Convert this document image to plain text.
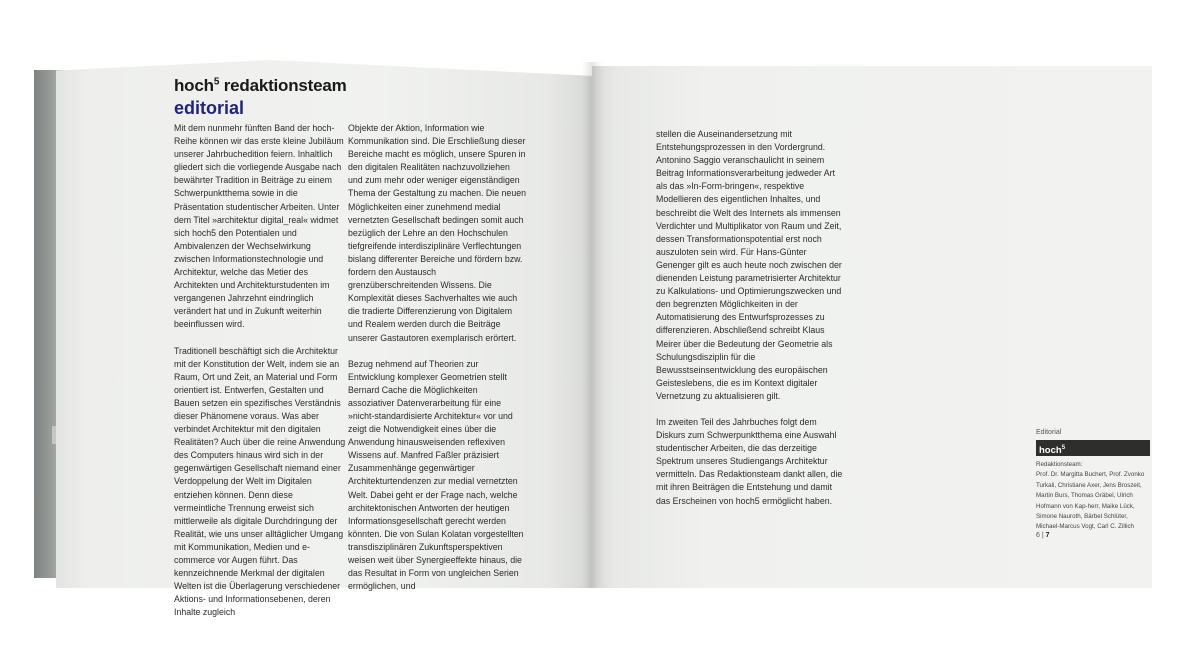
hoch$^5$ redaktionsteam
editorial

Mit dem nunmehr fünften Band der hoch-Reihe können wir das erste kleine Jubiläum unserer Jahrbuchedition feiern. Inhaltlich gliedert sich die vorliegende Ausgabe nach bewährter Tradition in Beiträge zu einem Schwerpunktthema sowie in die Präsentation studentischer Arbeiten. Unter dem Titel »architektur digital_real« widmet sich hoch5 den Potentialen und Ambivalenzen der Wechselwirkung zwischen Informationstechnologie und Architektur, welche das Metier des Architekten und Architekturstudenten im vergangenen Jahrzehnt eindringlich verändert hat und in Zukunft weiterhin beeinflussen wird.

Traditionell beschäftigt sich die Architektur mit der Konstitution der Welt, indem sie an Raum, Ort und Zeit, an Material und Form orientiert ist. Entwerfen, Gestalten und Bauen setzen ein spezifisches Verständnis dieser Phänomene voraus. Was aber verbindet Architektur mit den digitalen Realitäten? Auch über die reine Anwendung des Computers hinaus wird sich in der gegenwärtigen Gesellschaft niemand einer Verdoppelung der Welt im Digitalen entziehen können. Denn diese vermeintliche Trennung erweist sich mittlerweile als digitale Durchdringung der Realität, wie uns unser alltäglicher Umgang mit Kommunikation, Medien und e-commerce vor Augen führt. Das kennzeichnende Merkmal der digitalen Welten ist die Überlagerung verschiedener Aktions- und Informationsebenen, deren Inhalte zugleich

Objekte der Aktion, Information wie Kommunikation sind. Die Erschließung dieser Bereiche macht es möglich, unsere Spuren in den digitalen Realitäten nachzuvollziehen und zum mehr oder weniger eigenständigen Thema der Gestaltung zu machen. Die neuen Möglichkeiten einer zunehmend medial vernetzten Gesellschaft bedingen somit auch bezüglich der Lehre an den Hochschulen tiefgreifende interdisziplinäre Verflechtungen bislang differenter Bereiche und fördern bzw. fordern den Austausch grenzüberschreitenden Wissens. Die Komplexität dieses Sachverhaltes wie auch die tradierte Differenzierung von Digitalem und Realem werden durch die Beiträge unserer Gastautoren exemplarisch erörtert.

Bezug nehmend auf Theorien zur Entwicklung komplexer Geometrien stellt Bernard Cache die Möglichkeiten assoziativer Datenverarbeitung für eine »nicht-standardisierte Architektur« vor und zeigt die Notwendigkeit eines über die Anwendung hinausweisenden reflexiven Wissens auf. Manfred Faßler präzisiert Zusammenhänge gegenwärtiger Architekturtendenzen zur medial vernetzten Welt. Dabei geht er der Frage nach, welche architektonischen Antworten der heutigen Informationsgesellschaft gerecht werden könnten. Die von Sulan Kolatan vorgestellten transdisziplinären Zukunftsperspektiven weisen weit über Synergieeffekte hinaus, die das Resultat in Form von ungleichen Serien ermöglichen, und

stellen die Auseinandersetzung mit Entstehungsprozessen in den Vordergrund. Antonino Saggio veranschaulicht in seinem Beitrag Informationsverarbeitung jedweder Art als das »In-Form-bringen«, respektive Modellieren des eigentlichen Inhaltes, und beschreibt die Welt des Internets als immensen Verdichter und Multiplikator von Raum und Zeit, dessen Transformationspotential erst noch auszuloten sein wird. Für Hans-Günter Genenger gilt es auch heute noch zwischen der dienenden Leistung parametrisierter Architektur zu Kalkulations- und Optimierungszwecken und den begrenzten Möglichkeiten in der Automatisierung des Entwurfsprozesses zu differenzieren. Abschließend schreibt Klaus Meirer über die Bedeutung der Geometrie als Schulungsdisziplin für die Bewusstseinsentwicklung des europäischen Geisteslebens, die es im Kontext digitaler Vernetzung zu aktualisieren gilt.

Im zweiten Teil des Jahrbuches folgt dem Diskurs zum Schwerpunktthema eine Auswahl studentischer Arbeiten, die das derzeitige Spektrum unseres Studiengangs Architektur vermitteln. Das Redaktionsteam dankt allen, die mit ihren Beiträgen die Entstehung und damit das Erscheinen von hoch5 ermöglicht haben.

Editorial
hoch$^5$
Redaktionsteam:
Prof. Dr. Margitta Buchert, Prof. Zvonko Turkali, Christiane Axer, Jens Broszeit, Martin Burs, Thomas Gräbel, Ulrich Hofmann von Kap-herr, Maike Lück, Simone Nauroth, Bärbel Schlüter, Michael-Marcus Vogt, Carl C. Zillich
6 | 7
